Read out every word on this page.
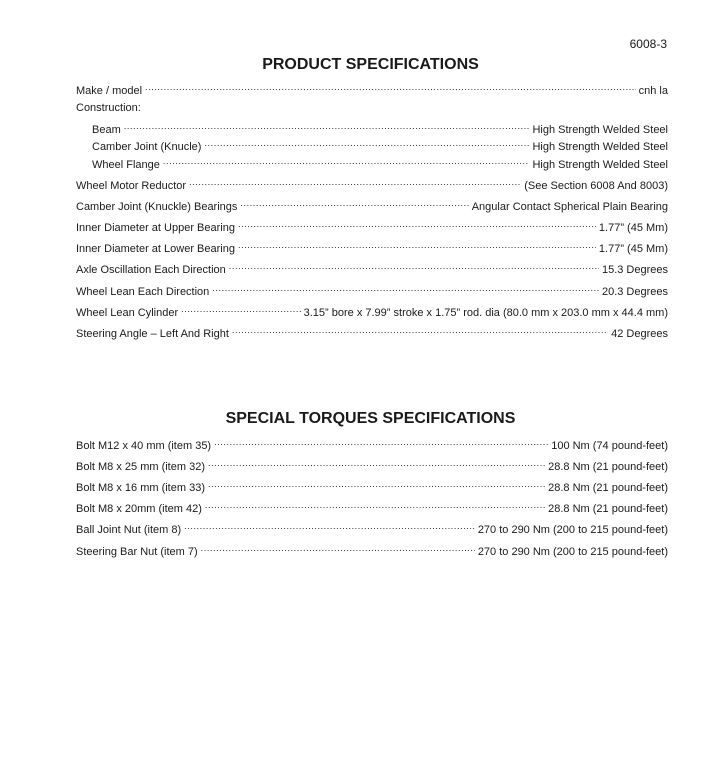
6008-3
PRODUCT SPECIFICATIONS
Make / model .....	cnh la
Construction:
Beam .....	High Strength Welded Steel
Camber Joint (Knucle) .....	High Strength Welded Steel
Wheel Flange .....	High Strength Welded Steel
Wheel Motor Reductor .....	(See Section 6008 And 8003)
Camber Joint (Knuckle) Bearings .....	Angular Contact Spherical Plain Bearing
Inner Diameter at Upper Bearing .....	1.77” (45 Mm)
Inner Diameter at Lower Bearing .....	1.77” (45 Mm)
Axle Oscillation Each Direction .....	15.3 Degrees
Wheel Lean Each Direction .....	20.3 Degrees
Wheel Lean Cylinder .....	3.15” bore x 7.99” stroke x 1.75” rod. dia (80.0 mm x 203.0 mm x 44.4 mm)
Steering Angle – Left And Right .....	42 Degrees
SPECIAL TORQUES SPECIFICATIONS
Bolt M12 x 40 mm (item 35) .....	100 Nm (74 pound-feet)
Bolt M8 x 25 mm (item 32) .....	28.8 Nm (21 pound-feet)
Bolt M8 x 16 mm (item 33) .....	28.8 Nm (21 pound-feet)
Bolt M8 x 20mm (item 42) .....	28.8 Nm (21 pound-feet)
Ball Joint Nut (item 8) .....	270 to 290 Nm (200 to 215 pound-feet)
Steering Bar Nut (item 7) .....	270 to 290 Nm (200 to 215 pound-feet)
